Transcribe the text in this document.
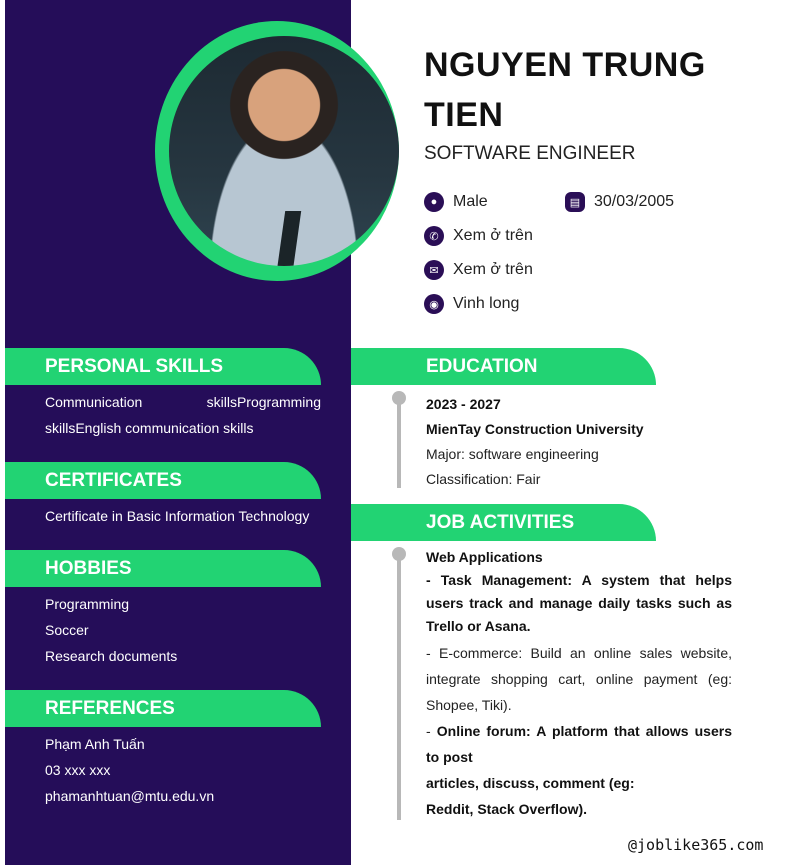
NGUYEN TRUNG TIEN
SOFTWARE ENGINEER
● Male	▤ 30/03/2005
✆ Xem ở trên
✉ Xem ở trên
◉ Vinh long
PERSONAL SKILLS
Communication skillsProgramming skillsEnglish communication skills
CERTIFICATES
Certificate in Basic Information Technology
HOBBIES
Programming
Soccer
Research documents
REFERENCES
Phạm Anh Tuấn
03 xxx xxx
phamanhtuan@mtu.edu.vn
EDUCATION
2023 - 2027
MienTay Construction University
Major: software engineering
Classification: Fair
JOB ACTIVITIES
Web Applications
- Task Management: A system that helps users track and manage daily tasks such as Trello or Asana.
- E-commerce: Build an online sales website, integrate shopping cart, online payment (eg: Shopee, Tiki).
- Online forum: A platform that allows users to post
articles, discuss, comment (eg:
Reddit, Stack Overflow).
@joblike365.com
